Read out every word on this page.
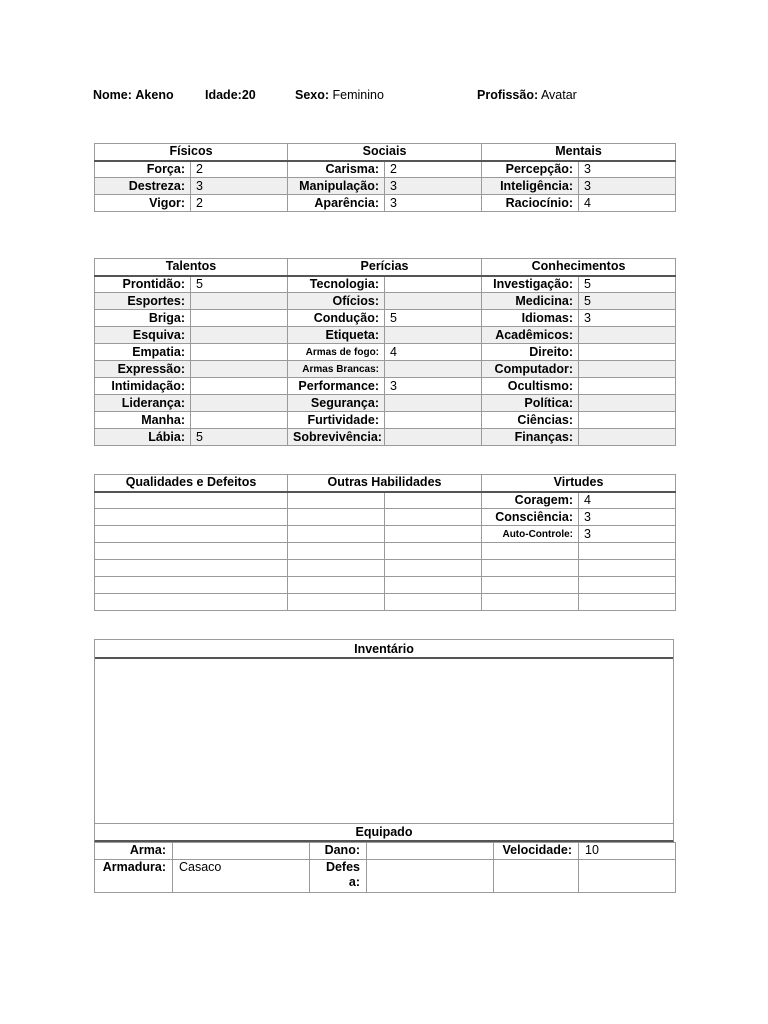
Nome: Akeno	Idade:20	Sexo: Feminino	Profissão: Avatar
Físicos		Sociais		Mentais	
Força:	2	Carisma:	2	Percepção:	3
Destreza:	3	Manipulação:	3	Inteligência:	3
Vigor:	2	Aparência:	3	Raciocínio:	4
Talentos		Perícias		Conhecimentos	
Prontidão:	5	Tecnologia:		Investigação:	5
Esportes:		Ofícios:		Medicina:	5
Briga:		Condução:	5	Idiomas:	3
Esquiva:		Etiqueta:		Acadêmicos:	
Empatia:		Armas de fogo:	4	Direito:	
Expressão:		Armas Brancas:		Computador:	
Intimidação:		Performance:	3	Ocultismo:	
Liderança:		Segurança:		Política:	
Manha:		Furtividade:		Ciências:	
Lábia:	5	Sobrevivência:		Finanças:	
Qualidades e Defeitos	Outras Habilidades		Virtudes	
			Coragem:	4
			Consciência:	3
			Auto-Controle:	3

Inventário
Equipado
Arma:		Dano:		Velocidade:	10
Armadura:	Casaco	Defesa:			
